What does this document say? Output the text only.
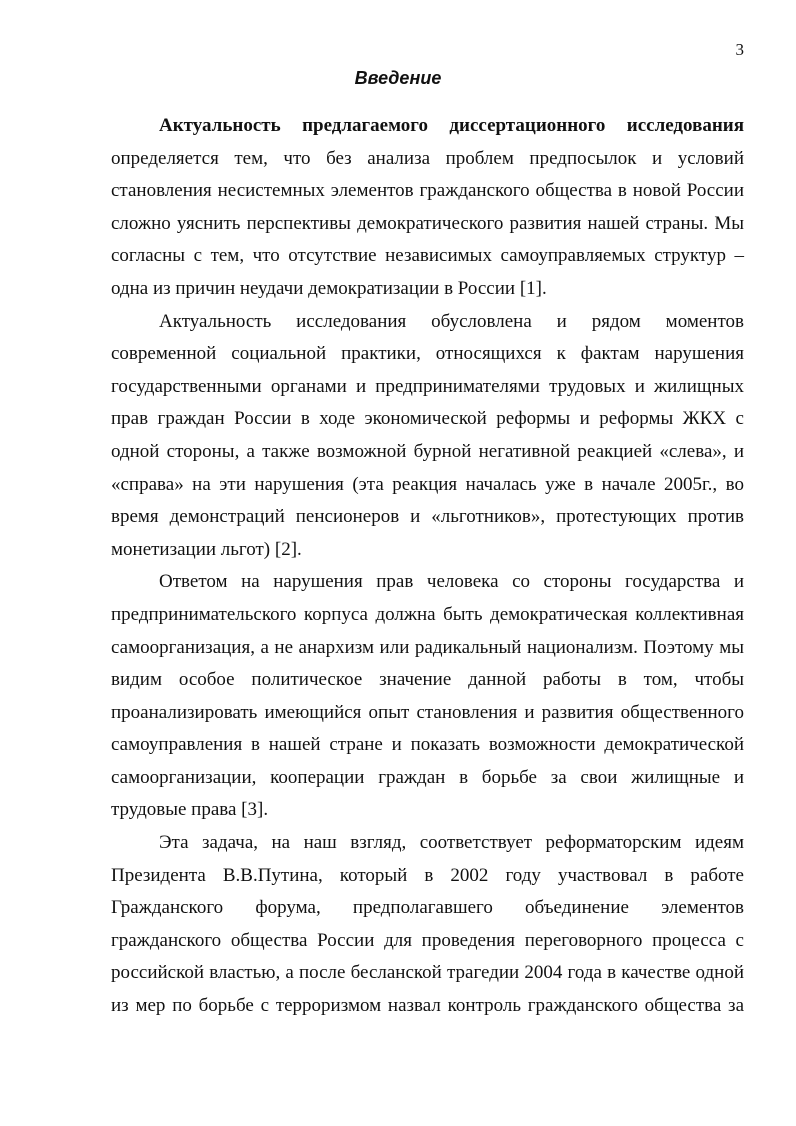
3
Введение

Актуальность предлагаемого диссертационного исследования определяется тем, что без анализа проблем предпосылок и условий становления несистемных элементов гражданского общества в новой России сложно уяснить перспективы демократического развития нашей страны. Мы согласны с тем, что отсутствие независимых самоуправляемых структур – одна из причин неудачи демократизации в России [1].

Актуальность исследования обусловлена и рядом моментов современной социальной практики, относящихся к фактам нарушения государственными органами и предпринимателями трудовых и жилищных прав граждан России в ходе экономической реформы и реформы ЖКХ с одной стороны, а также возможной бурной негативной реакцией «слева», и «справа» на эти нарушения (эта реакция началась уже в начале 2005г., во время демонстраций пенсионеров и «льготников», протестующих против монетизации льгот) [2].

Ответом на нарушения прав человека со стороны государства и предпринимательского корпуса должна быть демократическая коллективная самоорганизация, а не анархизм или радикальный национализм. Поэтому мы видим особое политическое значение данной работы в том, чтобы проанализировать имеющийся опыт становления и развития общественного самоуправления в нашей стране и показать возможности демократической самоорганизации, кооперации граждан в борьбе за свои жилищные и трудовые права [3].

Эта задача, на наш взгляд, соответствует реформаторским идеям Президента В.В.Путина, который в 2002 году участвовал в работе Гражданского форума, предполагавшего объединение элементов гражданского общества России для проведения переговорного процесса с российской властью, а после бесланской трагедии 2004 года в качестве одной из мер по борьбе с терроризмом назвал контроль гражданского общества за
